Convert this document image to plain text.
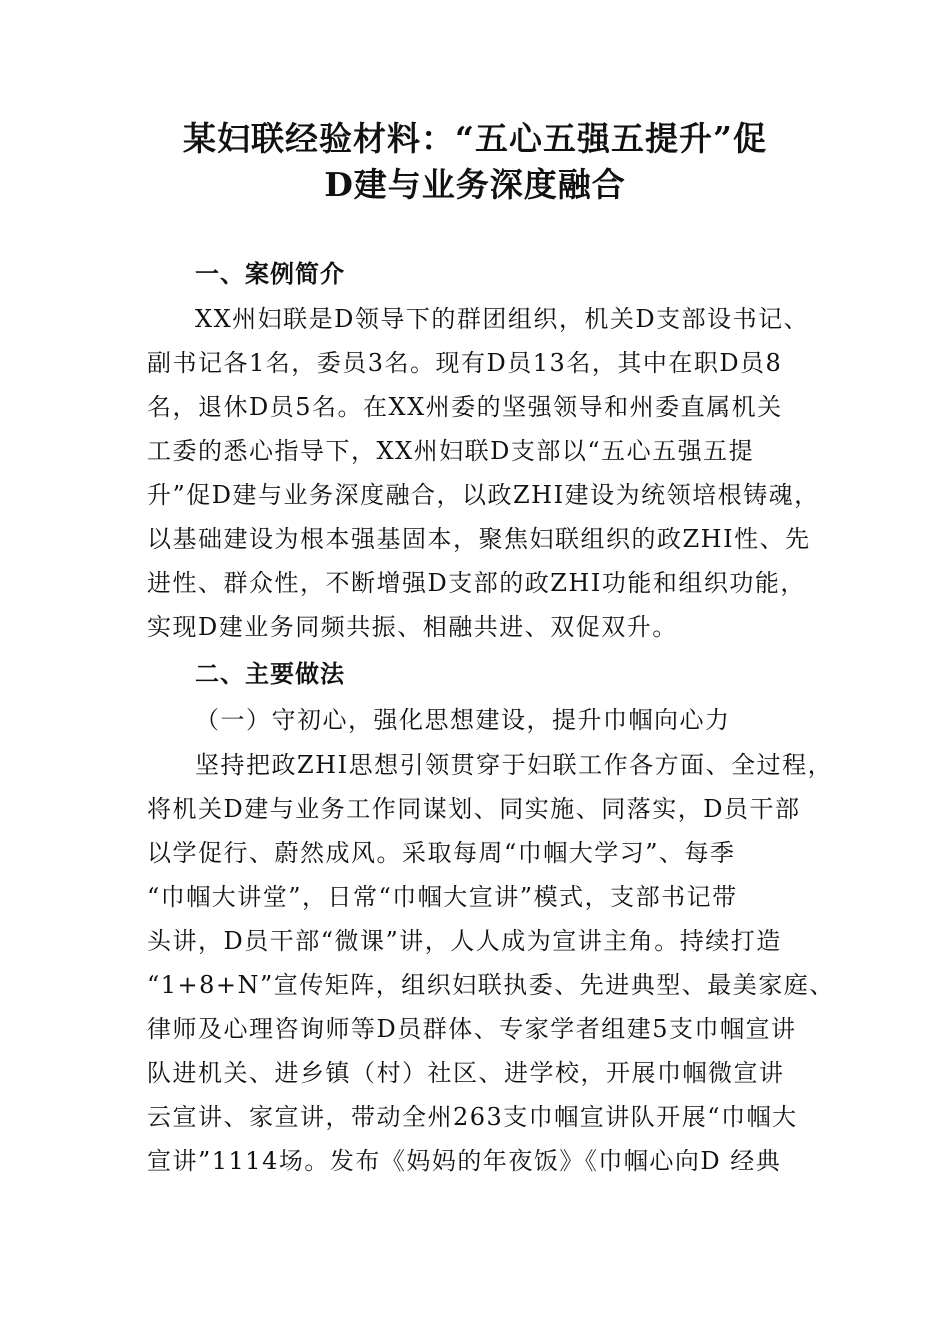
某妇联经验材料：“五心五强五提升”促
D建与业务深度融合
一、案例简介
XX州妇联是D领导下的群团组织，机关D支部设书记、
副书记各1名，委员3名。现有D员13名，其中在职D员8
名，退休D员5名。在XX州委的坚强领导和州委直属机关
工委的悉心指导下，XX州妇联D支部以“五心五强五提
升”促D建与业务深度融合，以政ZHI建设为统领培根铸魂，
以基础建设为根本强基固本，聚焦妇联组织的政ZHI性、先
进性、群众性，不断增强D支部的政ZHI功能和组织功能，
实现D建业务同频共振、相融共进、双促双升。
二、主要做法
（一）守初心，强化思想建设，提升巾帼向心力
坚持把政ZHI思想引领贯穿于妇联工作各方面、全过程，
将机关D建与业务工作同谋划、同实施、同落实，D员干部
以学促行、蔚然成风。采取每周“巾帼大学习”、每季
“巾帼大讲堂”，日常“巾帼大宣讲”模式，支部书记带
头讲，D员干部“微课”讲，人人成为宣讲主角。持续打造
“1+8+N”宣传矩阵，组织妇联执委、先进典型、最美家庭、
律师及心理咨询师等D员群体、专家学者组建5支巾帼宣讲
队进机关、进乡镇（村）社区、进学校，开展巾帼微宣讲
云宣讲、家宣讲，带动全州263支巾帼宣讲队开展“巾帼大
宣讲”1114场。发布《妈妈的年夜饭》《巾帼心向D 经典
